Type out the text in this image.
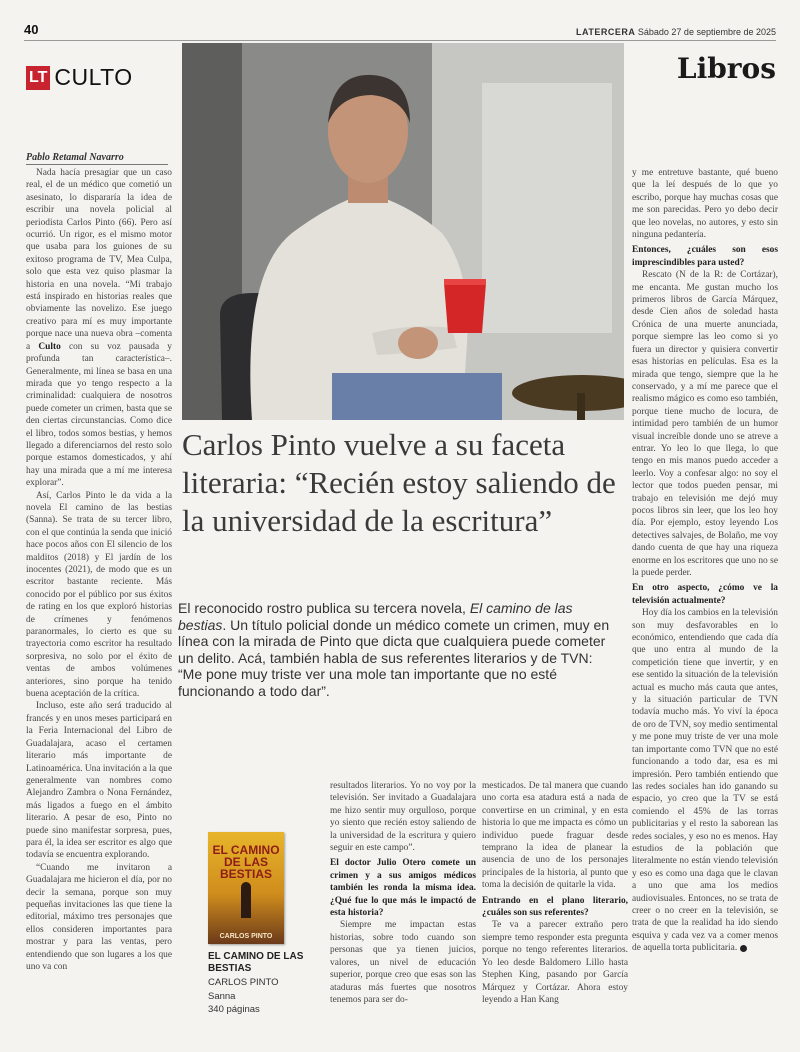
40	LATERCERA Sábado 27 de septiembre de 2025
LT CULTO	Libros
Pablo Retamal Navarro
Carlos Pinto vuelve a su faceta literaria: “Recién estoy saliendo de la universidad de la escritura”
El reconocido rostro publica su tercera novela, El camino de las bestias. Un título policial donde un médico comete un crimen, muy en línea con la mirada de Pinto que dicta que cualquiera puede cometer un delito. Acá, también habla de sus referentes literarios y de TVN: “Me pone muy triste ver una mole tan importante que no esté funcionando a todo dar”.

Nada hacía presagiar que un caso real, el de un médico que cometió un asesinato, lo dispararía la idea de escribir una novela policial al periodista Carlos Pinto (66). Pero así ocurrió. Un rigor, es el mismo motor que usaba para los guiones de su exitoso programa de TV, Mea Culpa, solo que esta vez quiso plasmar la historia en una novela. “Mi trabajo está inspirado en historias reales que obviamente las novelizo. Ese juego creativo para mí es muy importante porque nace una nueva obra –comenta a Culto con su voz pausada y profunda tan característica–. Generalmente, mi línea se basa en una mirada que yo tengo respecto a la criminalidad: cualquiera de nosotros puede cometer un crimen, basta que se den ciertas circunstancias. Como dice el libro, todos somos bestias, y hemos llegado a diferenciarnos del resto solo porque estamos domesticados, y ahí hay una mirada que a mí me interesa explorar”.

Así, Carlos Pinto le da vida a la novela El camino de las bestias (Sanna). Se trata de su tercer libro, con el que continúa la senda que inició hace pocos años con El silencio de los malditos (2018) y El jardín de los inocentes (2021), de modo que es un escritor bastante reciente. Más conocido por el público por sus éxitos de rating en los que exploró historias de crímenes y fenómenos paranormales, lo cierto es que su trayectoria como escritor ha resultado sorpresiva, no solo por el éxito de ventas de ambos volúmenes anteriores, sino porque ha tenido buena aceptación de la crítica.

Incluso, este año será traducido al francés y en unos meses participará en la Feria Internacional del Libro de Guadalajara, acaso el certamen literario más importante de Latinoamérica. Una invitación a la que generalmente van nombres como Alejandro Zambra o Nona Fernández, más ligados a fuego en el ámbito literario. A pesar de eso, Pinto no puede sino manifestar sorpresa, pues, para él, la idea ser escritor es algo que todavía se encuentra explorando.

“Cuando me invitaron a Guadalajara me hicieron el día, por no decir la semana, porque son muy pequeñas invitaciones las que tiene la editorial, máximo tres personajes que ellos consideren importantes para mostrar y para las ventas, pero entendiendo que son lugares a los que uno va con

EL CAMINO DE LAS BESTIAS
CARLOS PINTO
EL CAMINO DE LAS BESTIAS
CARLOS PINTO
Sanna
340 páginas

resultados literarios. Yo no voy por la televisión. Ser invitado a Guadalajara me hizo sentir muy orgulloso, porque yo siento que recién estoy saliendo de la universidad de la escritura y quiero seguir en este campo”.

El doctor Julio Otero comete un crimen y a sus amigos médicos también les ronda la misma idea. ¿Qué fue lo que más le impactó de esta historia?

Siempre me impactan estas historias, sobre todo cuando son personas que ya tienen juicios, valores, un nivel de educación superior, porque creo que esas son las ataduras más fuertes que nosotros tenemos para ser do-

mesticados. De tal manera que cuando uno corta esa atadura está a nada de convertirse en un criminal, y en esta historia lo que me impacta es cómo un individuo puede fraguar desde temprano la idea de planear la ausencia de uno de los personajes principales de la historia, al punto que toma la decisión de quitarle la vida.

Entrando en el plano literario, ¿cuáles son sus referentes?

Te va a parecer extraño pero siempre temo responder esta pregunta porque no tengo referentes literarios. Yo leo desde Baldomero Lillo hasta Stephen King, pasando por García Márquez y Cortázar. Ahora estoy leyendo a Han Kang

y me entretuve bastante, qué bueno que la leí después de lo que yo escribo, porque hay muchas cosas que me son parecidas. Pero yo debo decir que leo novelas, no autores, y esto sin ninguna pedantería.

Entonces, ¿cuáles son esos imprescindibles para usted?

Rescato (N de la R: de Cortázar), me encanta. Me gustan mucho los primeros libros de García Márquez, desde Cien años de soledad hasta Crónica de una muerte anunciada, porque siempre las leo como si yo fuera un director y quisiera convertir esas historias en películas. Esa es la mirada que tengo, siempre que la he conservado, y a mí me parece que el realismo mágico es como eso también, porque tiene mucho de locura, de intimidad pero también de un humor visual increíble donde uno se atreve a entrar. Yo leo lo que llega, lo que tengo en mis manos puedo acceder a leerlo. Voy a confesar algo: no soy el lector que todos pueden pensar, mi trabajo en televisión me dejó muy pocos libros sin leer, que los leo hoy día. Por ejemplo, estoy leyendo Los detectives salvajes, de Bolaño, me voy dando cuenta de que hay una riqueza enorme en los escritores que uno no se la puede perder.

En otro aspecto, ¿cómo ve la televisión actualmente?

Hoy día los cambios en la televisión son muy desfavorables en lo económico, entendiendo que cada día que uno entra al mundo de la competición tiene que invertir, y en ese sentido la situación de la televisión actual es mucho más cauta que antes, y la situación particular de TVN todavía mucho más. Yo viví la época de oro de TVN, soy medio sentimental y me pone muy triste de ver una mole tan importante como TVN que no esté funcionando a todo dar, esa es mi impresión. Pero también entiendo que las redes sociales han ido ganando su espacio, yo creo que la TV se está comiendo el 45% de las torras publicitarias y el resto la saborean las redes sociales, y eso no es menos. Hay estudios de la población que literalmente no están viendo televisión y eso es como una daga que le clavan a uno que ama los medios audiovisuales. Entonces, no se trata de creer o no creer en la televisión, se trata de que la realidad ha ido siendo esquiva y cada vez va a comer menos de aquella torta publicitaria.
